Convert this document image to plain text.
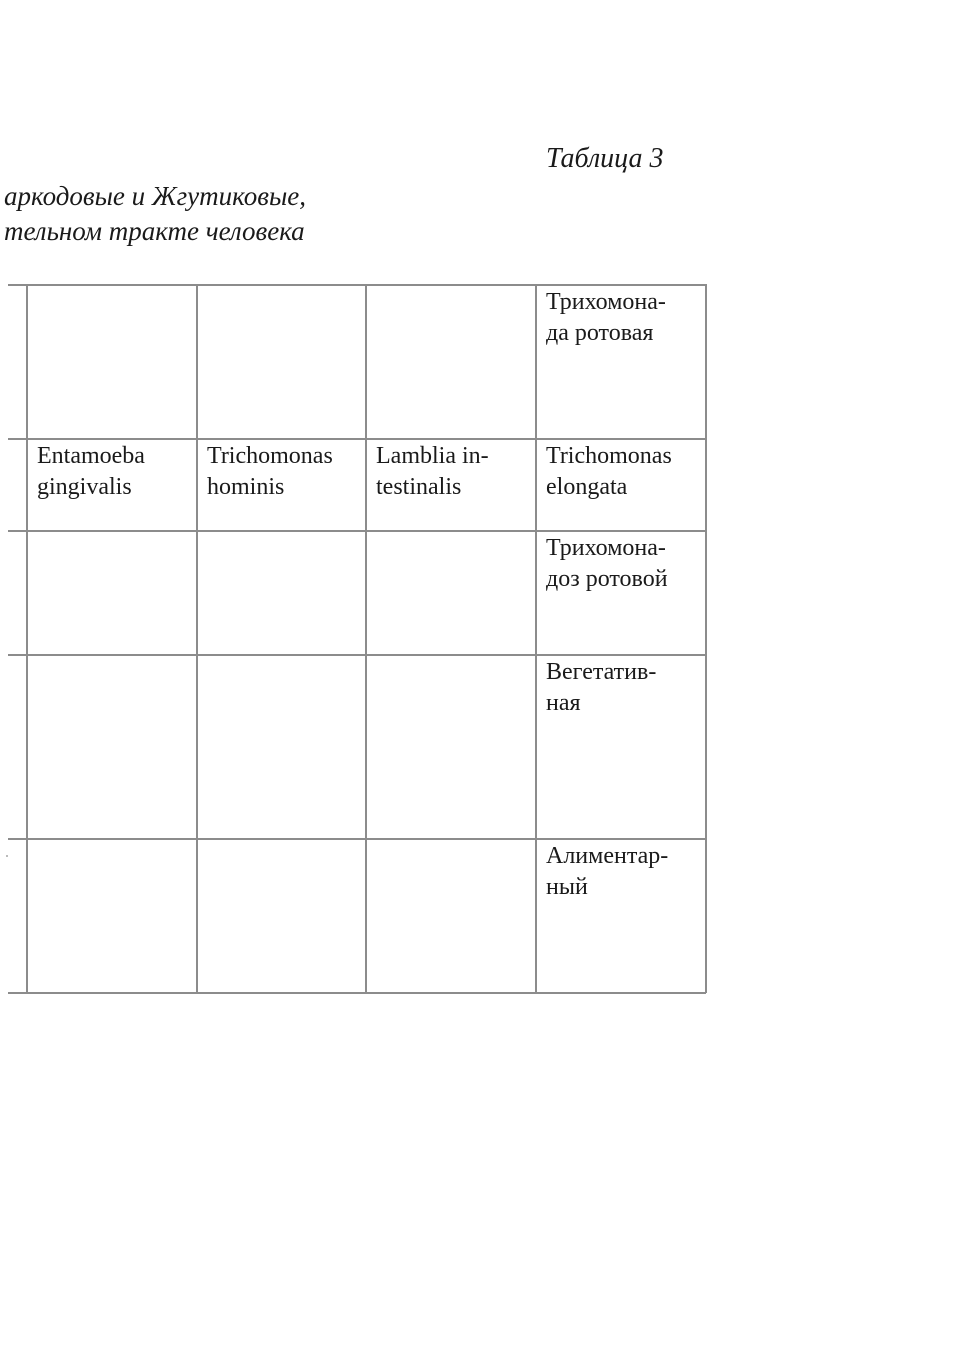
Таблица 3
аркодовые и Жгутиковые,
тельном тракте человека
Трихомона-
да ротовая
Entamoeba
gingivalis
Trichomonas
hominis
Lamblia in-
testinalis
Trichomonas
elongata
Трихомона-
доз ротовой
Вегетатив-
ная
Алиментар-
ный
